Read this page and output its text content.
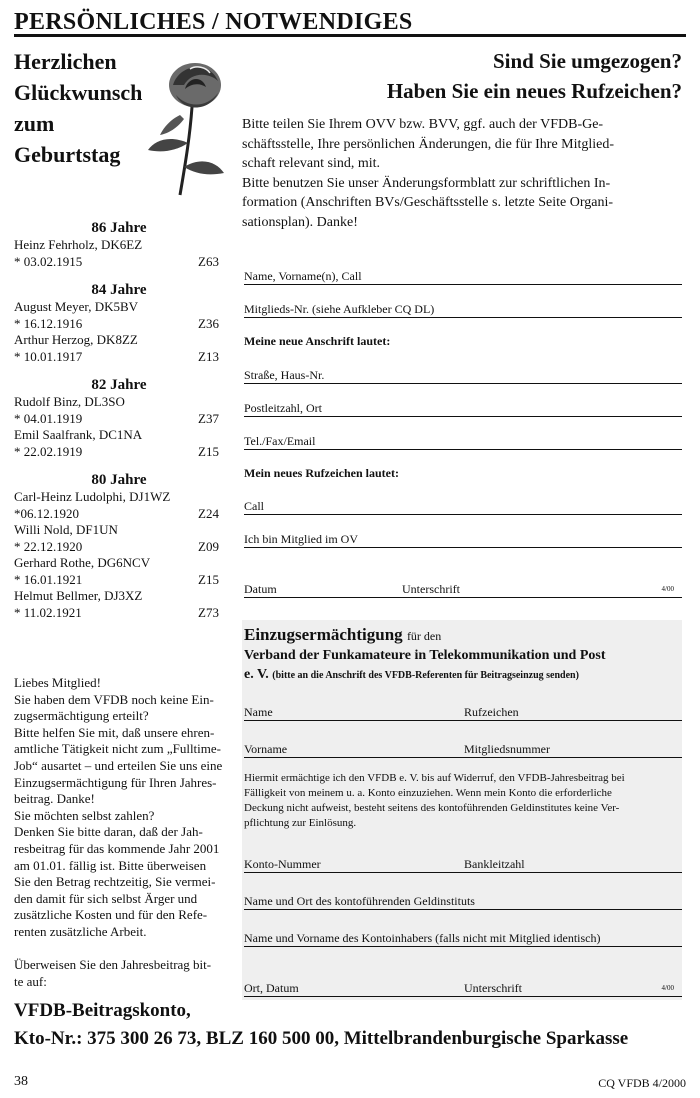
PERSÖNLICHES / NOTWENDIGES
Herzlichen
Glückwunsch
zum
Geburtstag
86 Jahre
Heinz Fehrholz, DK6EZ
* 03.02.1915	Z63
84 Jahre
August Meyer, DK5BV
* 16.12.1916	Z36
Arthur Herzog, DK8ZZ
* 10.01.1917	Z13
82 Jahre
Rudolf Binz, DL3SO
* 04.01.1919	Z37
Emil Saalfrank, DC1NA
* 22.02.1919	Z15
80 Jahre
Carl-Heinz Ludolphi, DJ1WZ
*06.12.1920	Z24
Willi Nold, DF1UN
* 22.12.1920	Z09
Gerhard Rothe, DG6NCV
* 16.01.1921	Z15
Helmut Bellmer, DJ3XZ
* 11.02.1921	Z73
Liebes Mitglied!
Sie haben dem VFDB noch keine Ein-
zugsermächtigung erteilt?
Bitte helfen Sie mit, daß unsere ehren-
amtliche Tätigkeit nicht zum „Fulltime-
Job“ ausartet – und erteilen Sie uns eine
Einzugsermächtigung für Ihren Jahres-
beitrag. Danke!
Sie möchten selbst zahlen?
Denken Sie bitte daran, daß der Jah-
resbeitrag für das kommende Jahr 2001
am 01.01. fällig ist. Bitte überweisen
Sie den Betrag rechtzeitig, Sie vermei-
den damit für sich selbst Ärger und
zusätzliche Kosten und für den Refe-
renten zusätzliche Arbeit.
Überweisen Sie den Jahresbeitrag bit-
te auf:
VFDB-Beitragskonto,
Kto-Nr.: 375 300 26 73, BLZ 160 500 00, Mittelbrandenburgische Sparkasse
Sind Sie umgezogen?
Haben Sie ein neues Rufzeichen?
Bitte teilen Sie Ihrem OVV bzw. BVV, ggf. auch der VFDB-Ge-
schäftsstelle, Ihre persönlichen Änderungen, die für Ihre Mitglied-
schaft relevant sind, mit.
Bitte benutzen Sie unser Änderungsformblatt zur schriftlichen In-
formation (Anschriften BVs/Geschäftsstelle s. letzte Seite Organi-
sationsplan). Danke!
Name, Vorname(n), Call
Mitglieds-Nr. (siehe Aufkleber CQ DL)
Meine neue Anschrift lautet:
Straße, Haus-Nr.
Postleitzahl, Ort
Tel./Fax/Email
Mein neues Rufzeichen lautet:
Call
Ich bin Mitglied im OV
Datum	Unterschrift	4/00
Einzugsermächtigung für den
Verband der Funkamateure in Telekommunikation und Post
e. V. (bitte an die Anschrift des VFDB-Referenten für Beitragseinzug senden)
Name	Rufzeichen
Vorname	Mitgliedsnummer
Hiermit ermächtige ich den VFDB e. V. bis auf Widerruf, den VFDB-Jahresbeitrag bei
Fälligkeit von meinem u. a. Konto einzuziehen. Wenn mein Konto die erforderliche
Deckung nicht aufweist, besteht seitens des kontoführenden Geldinstitutes keine Ver-
pflichtung zur Einlösung.
Konto-Nummer	Bankleitzahl
Name und Ort des kontoführenden Geldinstituts
Name und Vorname des Kontoinhabers (falls nicht mit Mitglied identisch)
Ort, Datum	Unterschrift	4/00
38	CQ VFDB 4/2000
